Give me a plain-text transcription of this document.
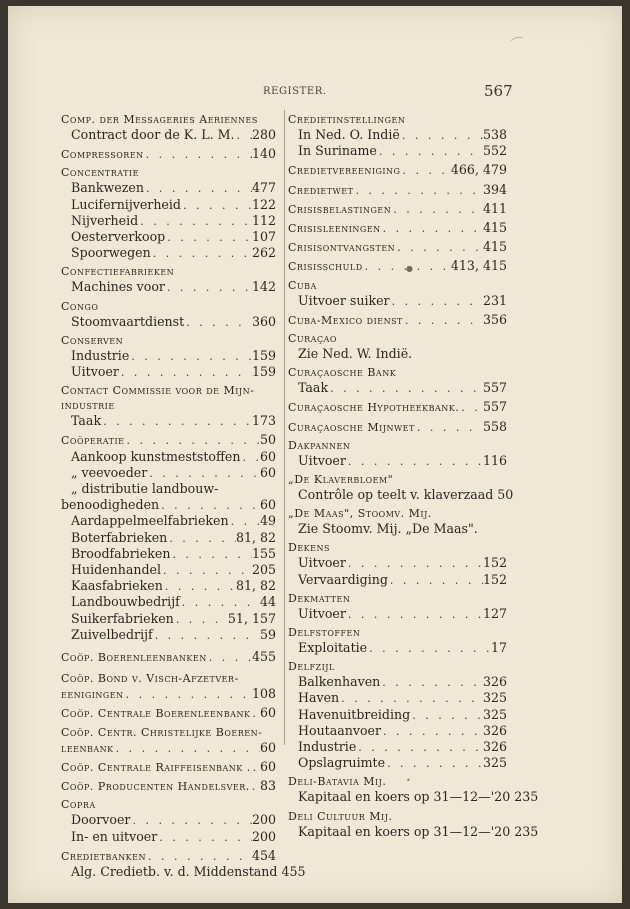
⌒
REGISTER.	567
Comp. der Messageries Aeriennes
Contract door de K. L. M. . . . 280
Compressoren . . .	140
Concentratie
Bankwezen . . .	477
Lucifernijverheid . . .	122
Nijverheid . . .	112
Oesterverkoop . . .	107
Spoorwegen . . .	262
Confectiefabrieken
Machines voor . . .	142
Congo
Stoomvaartdienst . . .	360
Conserven
Industrie . . .	159
Uitvoer . . .	159
Contact Commissie voor de Mijn-
industrie
Taak . . .	173
Coöperatie . . .	50
Aankoop kunstmeststoffen . . . 60
„ veevoeder . . .	60
„ distributie landbouw-
benoodigheden . . .	60
Aardappelmeelfabrieken . . . 49
Boterfabrieken . . .	81, 82
Broodfabrieken . . .	155
Huidenhandel . . .	205
Kaasfabrieken . . .	81, 82
Landbouwbedrijf . . .	44
Suikerfabrieken . . .	51, 157
Zuivelbedrijf . . .	59
Coöp. Boerenleenbanken . . .	455
Coöp. Bond v. Visch-Afzetver-
eenigingen . . .	108
Coöp. Centrale Boerenleenbank . . . 60
Coöp. Centr. Christelijke Boeren-
leenbank . . .	60
Coöp. Centrale Raiffeisenbank . . . . 60
Coöp. Producenten Handelsver. . . . 83
Copra
Doorvoer . . .	200
In- en uitvoer . . .	200
Credietbanken . . .	454
Alg. Credietb. v. d. Middenstand 455
Credietinstellingen
In Ned. O. Indië . . .	538
In Suriname . . .	552
Credietvereeniging . . .	466, 479
Credietwet . . .	394
Crisisbelastingen . . .	411
Crisisleeningen . . .	415
Crisisontvangsten . . .	415
Crisisschuld . . .	413, 415
Cuba
Uitvoer suiker . . .	231
Cuba-Mexico dienst . . .	356
Curaçao
Zie Ned. W. Indië.
Curaçaosche Bank
Taak . . .	557
Curaçaosche Hypotheekbank. . . . 557
Curaçaosche Mijnwet . . .	558
Dakpannen
Uitvoer . . .	116
„De Klaverbloem"
Contrôle op teelt v. klaverzaad 50
„De Maas", Stoomv. Mij.
Zie Stoomv. Mij. „De Maas".
Dekens
Uitvoer . . .	152
Vervaardiging . . .	152
Dekmatten
Uitvoer . . .	127
Delfstoffen
Exploitatie . . .	17
Delfzijl
Balkenhaven . . .	326
Haven . . .	325
Havenuitbreiding . . .	325
Houtaanvoer . . .	326
Industrie . . .	326
Opslagruimte . . .	325
Deli-Batavia Mij.
Kapitaal en koers op 31—12—'20 235
Deli Cultuur Mij.
Kapitaal en koers op 31—12—'20 235
●
•
